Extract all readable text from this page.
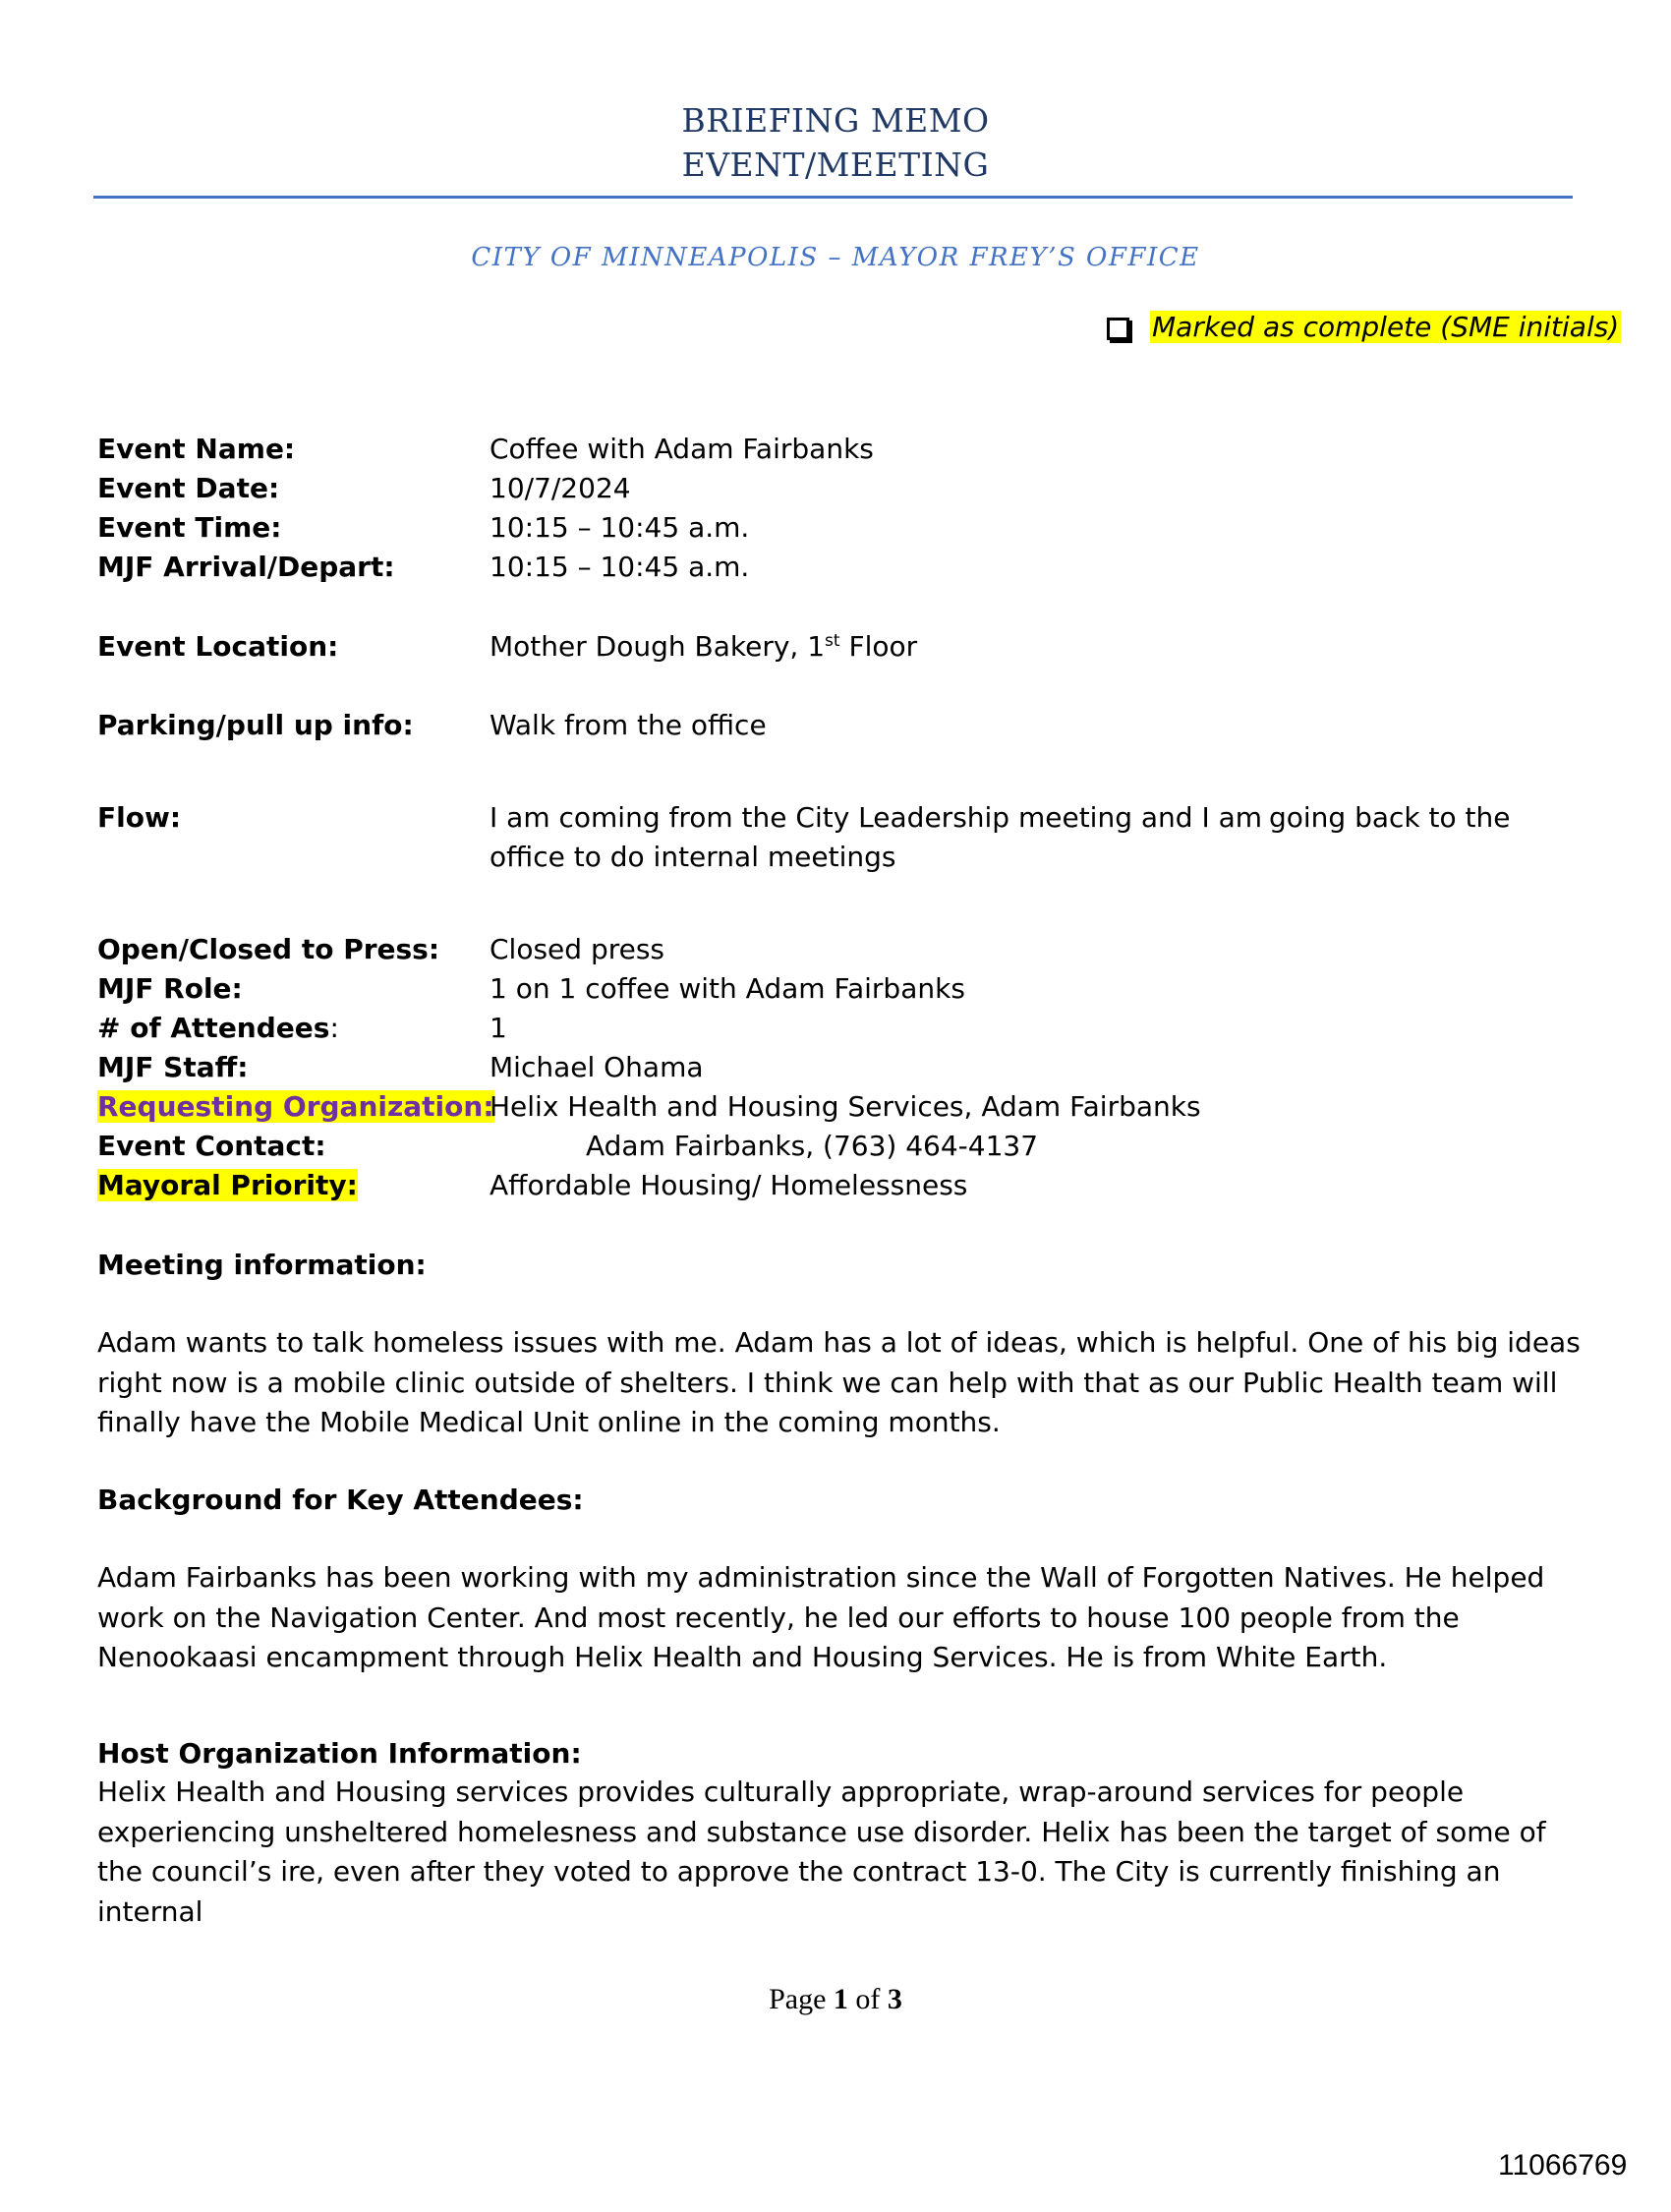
BRIEFING MEMO
EVENT/MEETING
CITY OF MINNEAPOLIS – MAYOR FREY’S OFFICE
Marked as complete (SME initials)
Event Name:	Coffee with Adam Fairbanks
Event Date:	10/7/2024
Event Time:	10:15 – 10:45 a.m.
MJF Arrival/Depart:	10:15 – 10:45 a.m.
Event Location:	Mother Dough Bakery, 1st Floor
Parking/pull up info:	Walk from the office
Flow:	I am coming from the City Leadership meeting and I am going back to the
office to do internal meetings
Open/Closed to Press: Closed press
MJF Role:	1 on 1 coffee with Adam Fairbanks
# of Attendees:	1
MJF Staff:	Michael Ohama
Requesting Organization:
Helix Health and Housing Services, Adam Fairbanks
Event Contact:	Adam Fairbanks, (763) 464-4137
Mayoral Priority:	Affordable Housing/ Homelessness
Meeting information:
Adam wants to talk homeless issues with me. Adam has a lot of ideas, which is helpful. One of his big ideas right now is a mobile clinic outside of shelters. I think we can help with that as our Public Health team will finally have the Mobile Medical Unit online in the coming months.
Background for Key Attendees:
Adam Fairbanks has been working with my administration since the Wall of Forgotten Natives. He helped work on the Navigation Center. And most recently, he led our efforts to house 100 people from the Nenookaasi encampment through Helix Health and Housing Services. He is from White Earth.
Host Organization Information:
Helix Health and Housing services provides culturally appropriate, wrap-around services for people experiencing unsheltered homelesness and substance use disorder. Helix has been the target of some of the council’s ire, even after they voted to approve the contract 13-0. The City is currently finishing an internal
Page 1 of 3
11066769
